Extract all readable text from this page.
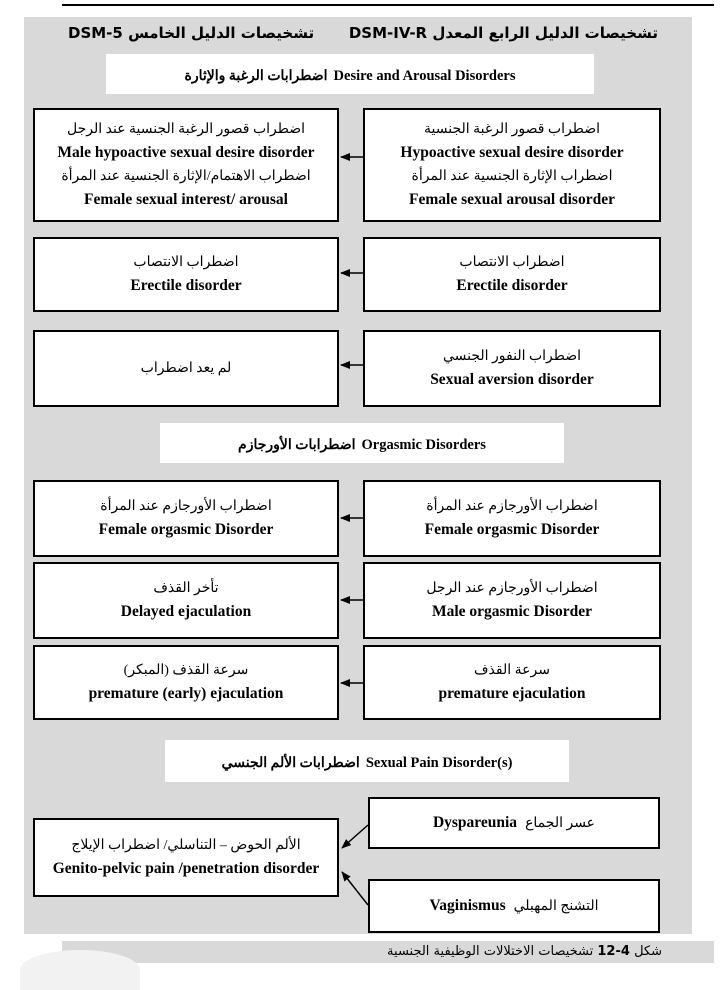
تشخيصات الدليل الرابع المعدل DSM-IV-R
تشخيصات الدليل الخامس DSM-5
Desire and Arousal Disorders
اضطرابات الرغبة والإثارة
اضطراب قصور الرغبة الجنسية
Hypoactive sexual desire disorder
اضطراب الإثارة الجنسية عند المرأة
Female sexual arousal disorder
اضطراب قصور الرغبة الجنسية عند الرجل
Male hypoactive sexual desire disorder
اضطراب الاهتمام/الإثارة الجنسية عند المرأة
Female sexual interest/ arousal
اضطراب الانتصاب
Erectile disorder
اضطراب الانتصاب
Erectile disorder
اضطراب النفور الجنسي
Sexual aversion disorder
لم يعد اضطراب
Orgasmic Disorders
اضطرابات الأورجازم
اضطراب الأورجازم عند المرأة
Female orgasmic Disorder
اضطراب الأورجازم عند المرأة
Female orgasmic Disorder
اضطراب الأورجازم عند الرجل
Male orgasmic Disorder
تأخر القذف
Delayed ejaculation
سرعة القذف
premature ejaculation
سرعة القذف (المبكر)
premature (early) ejaculation
Sexual Pain Disorder(s)
اضطرابات الألم الجنسي
عسر الجماع
Dyspareunia
التشنج المهبلي
Vaginismus
الألم الحوض – التناسلي/ اضطراب الإيلاج
Genito-pelvic pain /penetration disorder
شكل 4-12 تشخيصات الاختلالات الوظيفية الجنسية
